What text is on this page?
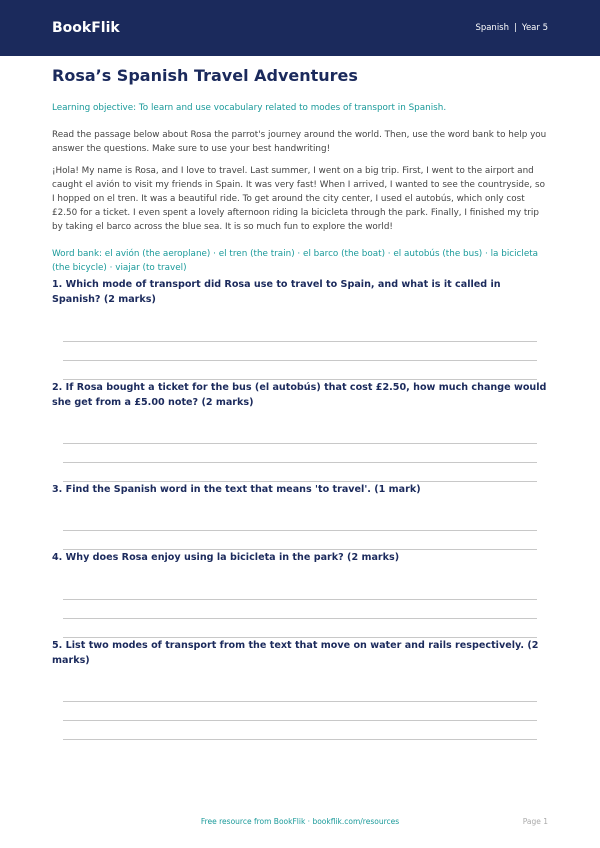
BookFlik	Spanish | Year 5
Rosa’s Spanish Travel Adventures

Learning objective: To learn and use vocabulary related to modes of transport in Spanish.

Read the passage below about Rosa the parrot's journey around the world. Then, use the word bank to help you answer the questions. Make sure to use your best handwriting!

¡Hola! My name is Rosa, and I love to travel. Last summer, I went on a big trip. First, I went to the airport and caught el avión to visit my friends in Spain. It was very fast! When I arrived, I wanted to see the countryside, so I hopped on el tren. It was a beautiful ride. To get around the city center, I used el autobús, which only cost £2.50 for a ticket. I even spent a lovely afternoon riding la bicicleta through the park. Finally, I finished my trip by taking el barco across the blue sea. It is so much fun to explore the world!

Word bank: el avión (the aeroplane) · el tren (the train) · el barco (the boat) · el autobús (the bus) · la bicicleta (the bicycle) · viajar (to travel)

1. Which mode of transport did Rosa use to travel to Spain, and what is it called in Spanish? (2 marks)
2. If Rosa bought a ticket for the bus (el autobús) that cost £2.50, how much change would she get from a £5.00 note? (2 marks)
3. Find the Spanish word in the text that means 'to travel'. (1 mark)
4. Why does Rosa enjoy using la bicicleta in the park? (2 marks)
5. List two modes of transport from the text that move on water and rails respectively. (2 marks)
Free resource from BookFlik · bookflik.com/resources	Page 1
